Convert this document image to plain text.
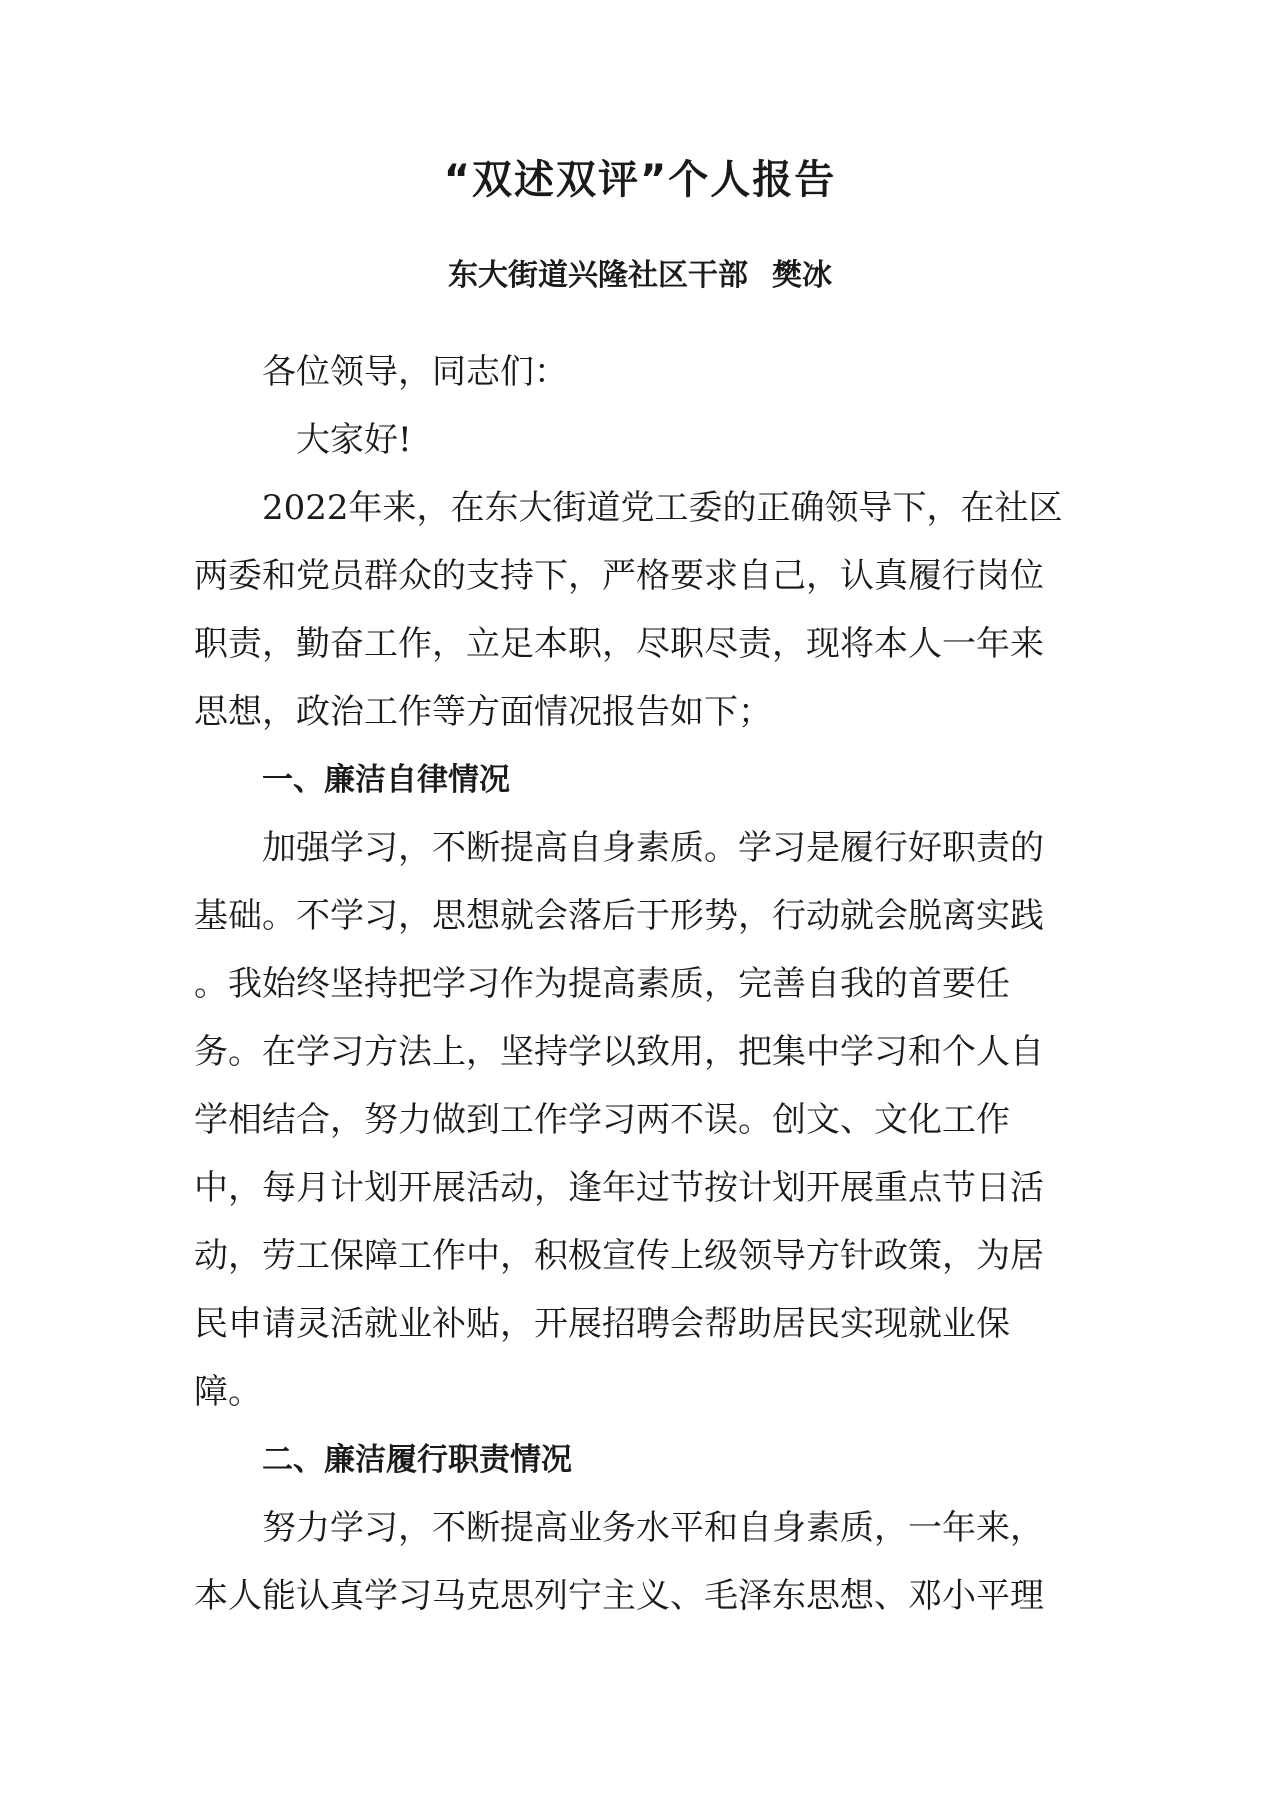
“双述双评”个人报告

东大街道兴隆社区干部 樊冰

各位领导，同志们：
大家好!
2022年来，在东大街道党工委的正确领导下，在社区
两委和党员群众的支持下，严格要求自己，认真履行岗位
职责，勤奋工作，立足本职，尽职尽责，现将本人一年来
思想，政治工作等方面情况报告如下；
一、廉洁自律情况
加强学习，不断提高自身素质。学习是履行好职责的
基础。不学习，思想就会落后于形势，行动就会脱离实践
。我始终坚持把学习作为提高素质，完善自我的首要任
务。在学习方法上，坚持学以致用，把集中学习和个人自
学相结合，努力做到工作学习两不误。创文、文化工作
中，每月计划开展活动，逢年过节按计划开展重点节日活
动，劳工保障工作中，积极宣传上级领导方针政策，为居
民申请灵活就业补贴，开展招聘会帮助居民实现就业保
障。
二、廉洁履行职责情况
努力学习，不断提高业务水平和自身素质，一年来，
本人能认真学习马克思列宁主义、毛泽东思想、邓小平理
